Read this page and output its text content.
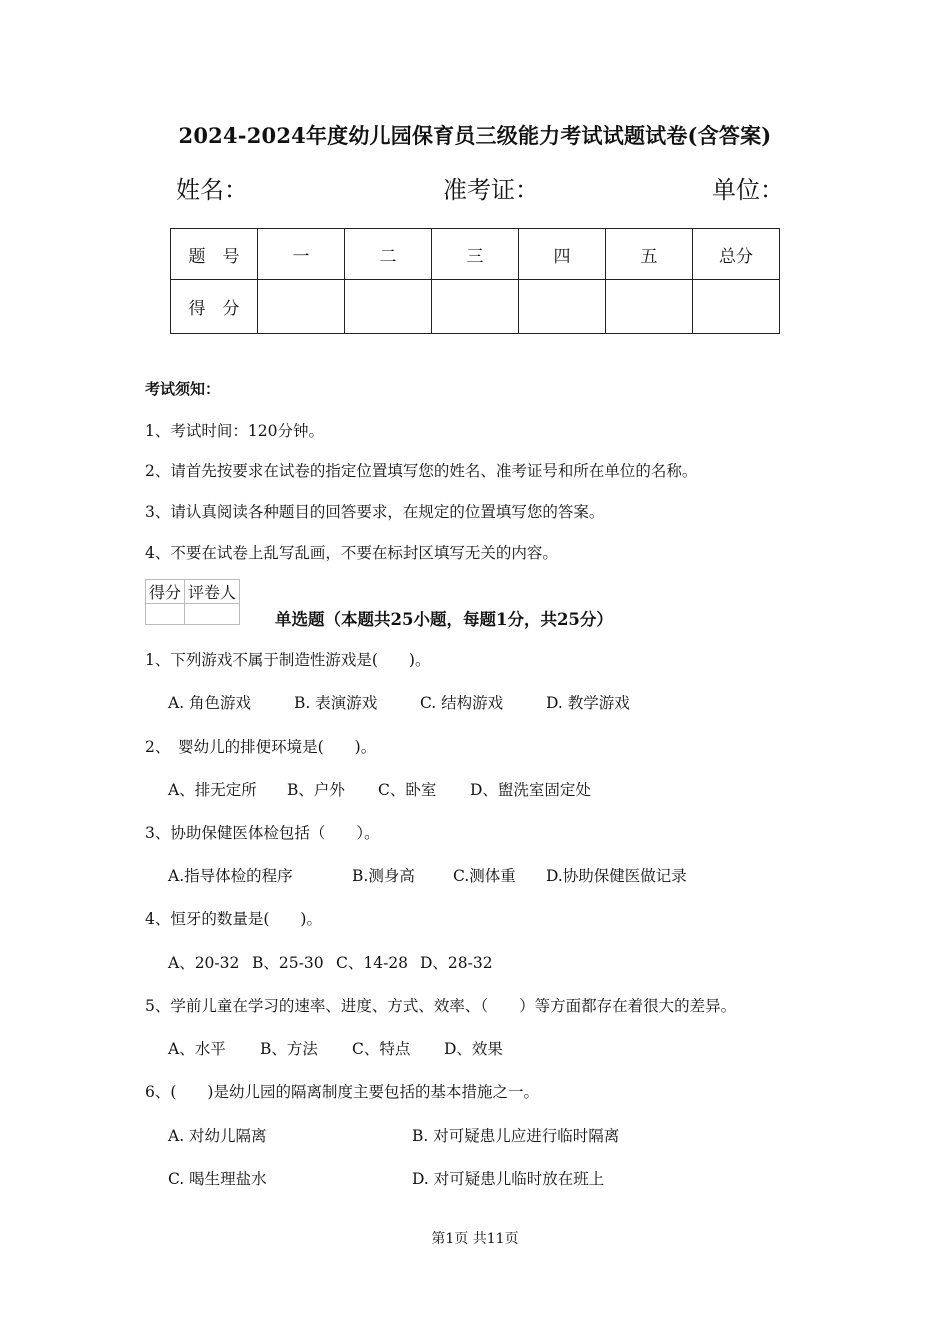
2024-2024年度幼儿园保育员三级能力考试试题试卷(含答案)
姓名：	准考证：	单位：
题　号	一	二	三	四	五	总分
得　分						
考试须知：
1、考试时间：120分钟。
2、请首先按要求在试卷的指定位置填写您的姓名、准考证号和所在单位的名称。
3、请认真阅读各种题目的回答要求，在规定的位置填写您的答案。
4、不要在试卷上乱写乱画，不要在标封区填写无关的内容。
得分	评卷人

单选题（本题共25小题，每题1分，共25分）
1、下列游戏不属于制造性游戏是(　　)。
A. 角色游戏	B. 表演游戏	C. 结构游戏	D. 教学游戏
2、　婴幼儿的排便环境是(　　)。
A、排无定所 B、户外 C、卧室 D、盥洗室固定处
3、协助保健医体检包括（　　）。
A.指导体检的程序	B.测身高 C.测体重 D.协助保健医做记录
4、恒牙的数量是(　　)。
A、20-32 B、25-30 C、14-28 D、28-32
5、学前儿童在学习的速率、进度、方式、效率、（　　）等方面都存在着很大的差异。
A、水平 B、方法 C、特点 D、效果
6、(　　)是幼儿园的隔离制度主要包括的基本措施之一。
A. 对幼儿隔离	B. 对可疑患儿应进行临时隔离
C. 喝生理盐水	D. 对可疑患儿临时放在班上
第1页 共11页
